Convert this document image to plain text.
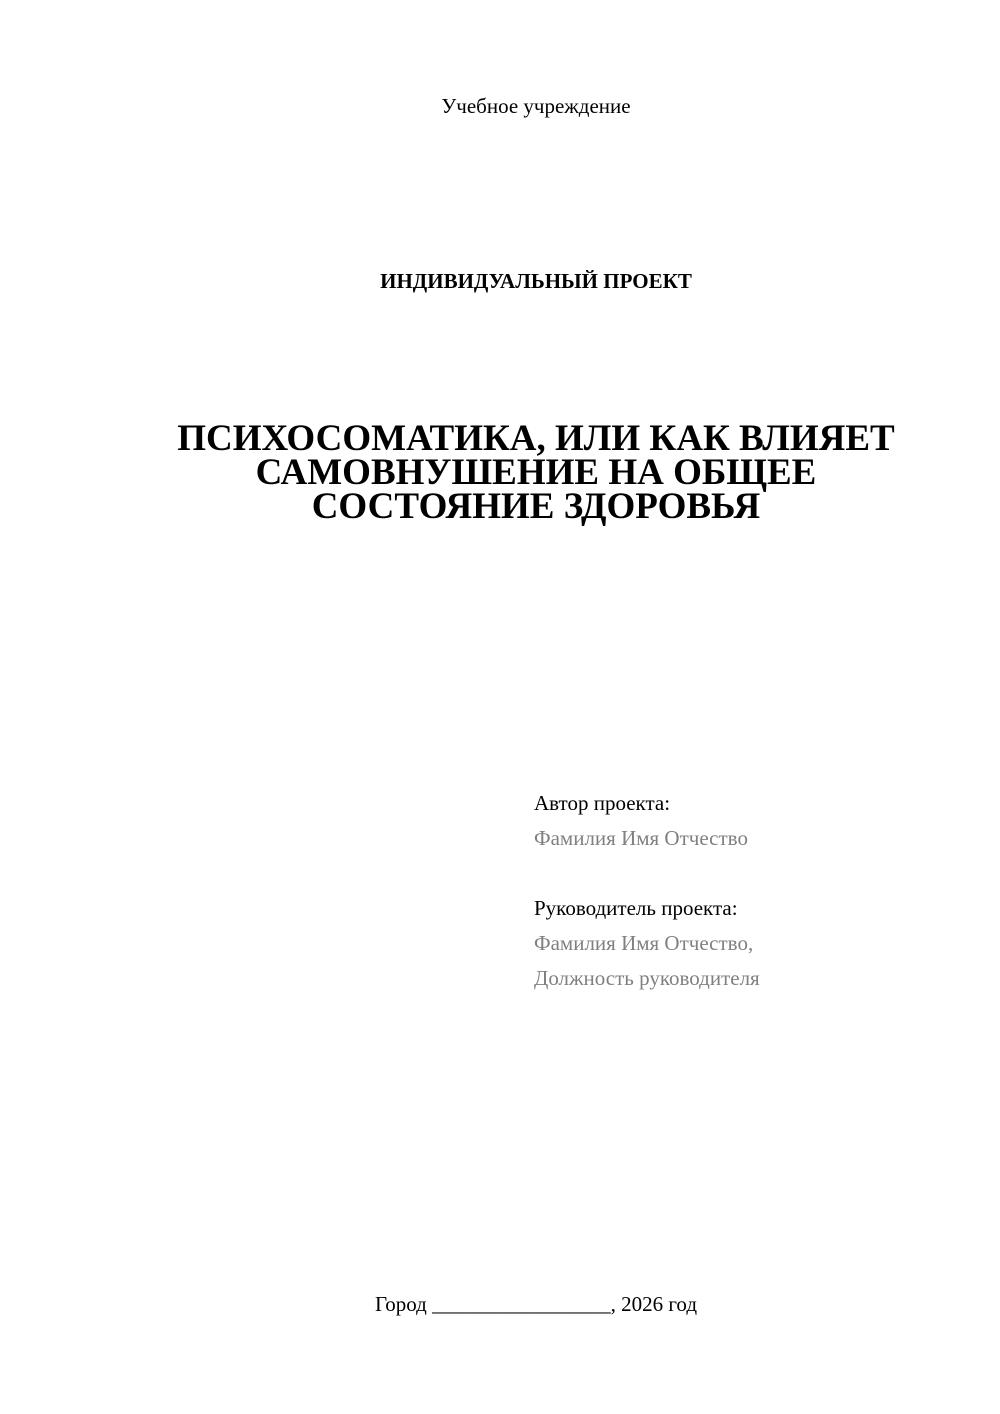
Учебное учреждение
ИНДИВИДУАЛЬНЫЙ ПРОЕКТ
ПСИХОСОМАТИКА, ИЛИ КАК ВЛИЯЕТ
САМОВНУШЕНИЕ НА ОБЩЕЕ
СОСТОЯНИЕ ЗДОРОВЬЯ
Автор проекта:
Фамилия Имя Отчество
Руководитель проекта:
Фамилия Имя Отчество,
Должность руководителя
Город _________________, 2026 год
